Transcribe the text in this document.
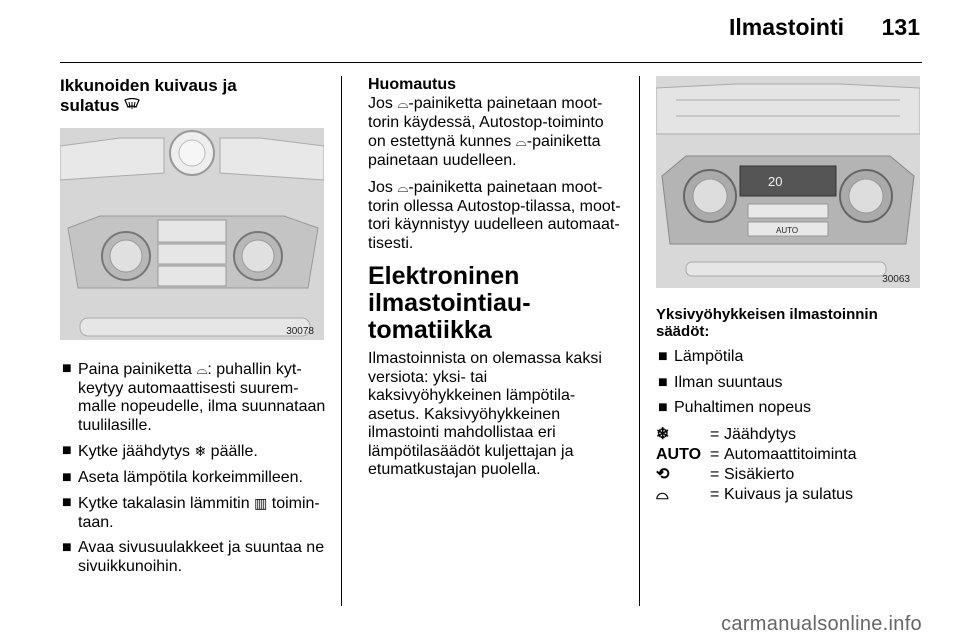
Ilmastointi 131
Ikkunoiden kuivaus ja
sulatus
30078
■ Paina painiketta ⌓: puhallin kytkeytyy automaattisesti suuremmalle nopeudelle, ilma suunnataan tuulilasille.
■ Kytke jäähdytys ❄ päälle.
■ Aseta lämpötila korkeimmilleen.
■ Kytke takalasin lämmitin ▥ toimintaan.
■ Avaa sivusuulakkeet ja suuntaa ne sivuikkunoihin.
Huomautus

Jos ⌓-painiketta painetaan moottorin käydessä, Autostop-toiminto on estettynä kunnes ⌓-painiketta painetaan uudelleen.

Jos ⌓-painiketta painetaan moottorin ollessa Autostop-tilassa, moottori käynnistyy uudelleen automaattisesti.

Elektroninen ilmastointiautomatiikka

Ilmastoinnista on olemassa kaksi versiota: yksi- tai kaksivyöhykkeinen lämpötila-asetus. Kaksivyöhykkeinen ilmastointi mahdollistaa eri lämpötilasäädöt kuljettajan ja etumatkustajan puolella.

20
AUTO
30063
Yksivyöhykkeisen ilmastoinnin säädöt:
■ Lämpötila
■ Ilman suuntaus
■ Puhaltimen nopeus
❄	= Jäähdytys
AUTO = Automaattitoiminta
⟲	= Sisäkierto
⌓	= Kuivaus ja sulatus
carmanualsonline.info
